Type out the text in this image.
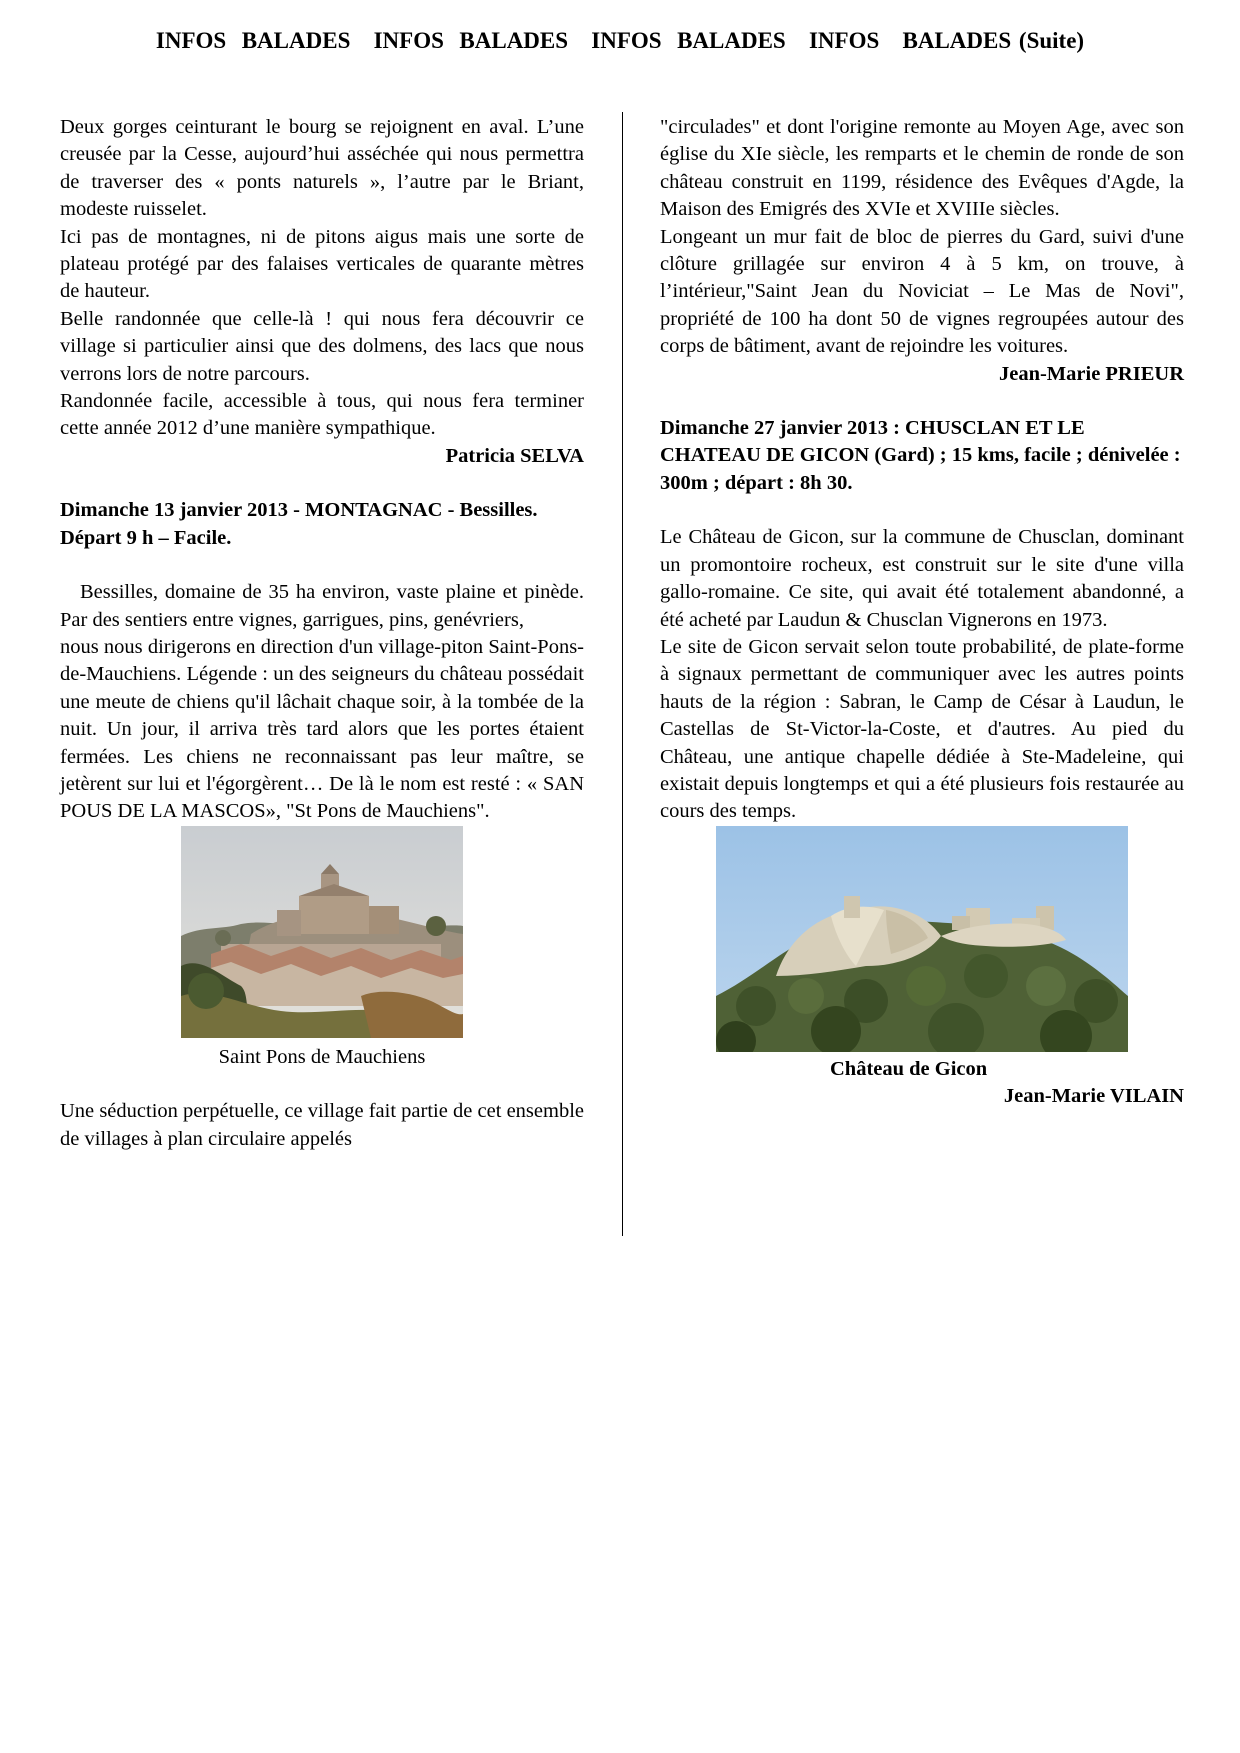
INFOS  BALADES   INFOS  BALADES   INFOS  BALADES   INFOS   BALADES (Suite)

Deux gorges ceinturant le bourg se rejoignent en aval. L’une creusée par la Cesse, aujourd’hui asséchée qui nous permettra de traverser des « ponts naturels », l’autre par le Briant, modeste ruisselet.

Ici pas de montagnes, ni de pitons aigus mais une sorte de plateau protégé par des falaises verticales de quarante mètres de hauteur.

Belle randonnée que celle-là ! qui nous fera découvrir ce village si particulier ainsi que des dolmens, des lacs que nous verrons lors de notre parcours.

Randonnée facile, accessible à tous, qui nous fera terminer cette année 2012 d’une manière sympathique.

Patricia SELVA

Dimanche 13 janvier 2013 - MONTAGNAC - Bessilles. Départ 9 h – Facile.

Bessilles, domaine de 35 ha environ, vaste plaine et pinède. Par des sentiers entre vignes, garrigues, pins, genévriers,

nous nous dirigerons en direction d'un village-piton Saint-Pons-de-Mauchiens. Légende : un des seigneurs du château possédait une meute de chiens qu'il lâchait chaque soir, à la tombée de la nuit. Un jour, il arriva très tard alors que les portes étaient fermées. Les chiens ne reconnaissant pas leur maître, se jetèrent sur lui et l'égorgèrent… De là le nom est resté : « SAN POUS DE LA MASCOS», "St Pons de Mauchiens".

Saint Pons de Mauchiens

Une séduction perpétuelle, ce village fait partie de cet ensemble de villages à plan circulaire appelés

"circulades" et dont l'origine remonte au Moyen Age, avec son église du XIe siècle, les remparts et le chemin de ronde de son château construit en 1199, résidence des Evêques d'Agde, la Maison des Emigrés des XVIe et XVIIIe siècles.

Longeant un mur fait de bloc de pierres du Gard, suivi d'une clôture grillagée sur environ 4 à 5 km, on trouve, à l’intérieur,"Saint Jean du Noviciat – Le Mas de Novi", propriété de 100 ha dont 50 de vignes regroupées autour des corps de bâtiment, avant de rejoindre les voitures.

Jean-Marie PRIEUR

Dimanche 27 janvier 2013 : CHUSCLAN ET LE CHATEAU DE GICON (Gard) ; 15 kms, facile ; dénivelée : 300m ; départ : 8h 30.

Le Château de Gicon, sur la commune de Chusclan, dominant un promontoire rocheux, est construit sur le site d'une villa gallo-romaine. Ce site, qui avait été totalement abandonné, a été acheté par Laudun & Chusclan Vignerons en 1973.

Le site de Gicon servait selon toute probabilité, de plate-forme à signaux permettant de communiquer avec les autres points hauts de la région : Sabran, le Camp de César à Laudun, le Castellas de St-Victor-la-Coste, et d'autres. Au pied du Château, une antique chapelle dédiée à Ste-Madeleine, qui existait depuis longtemps et qui a été plusieurs fois restaurée au cours des temps.

Château de Gicon

Jean-Marie VILAIN
